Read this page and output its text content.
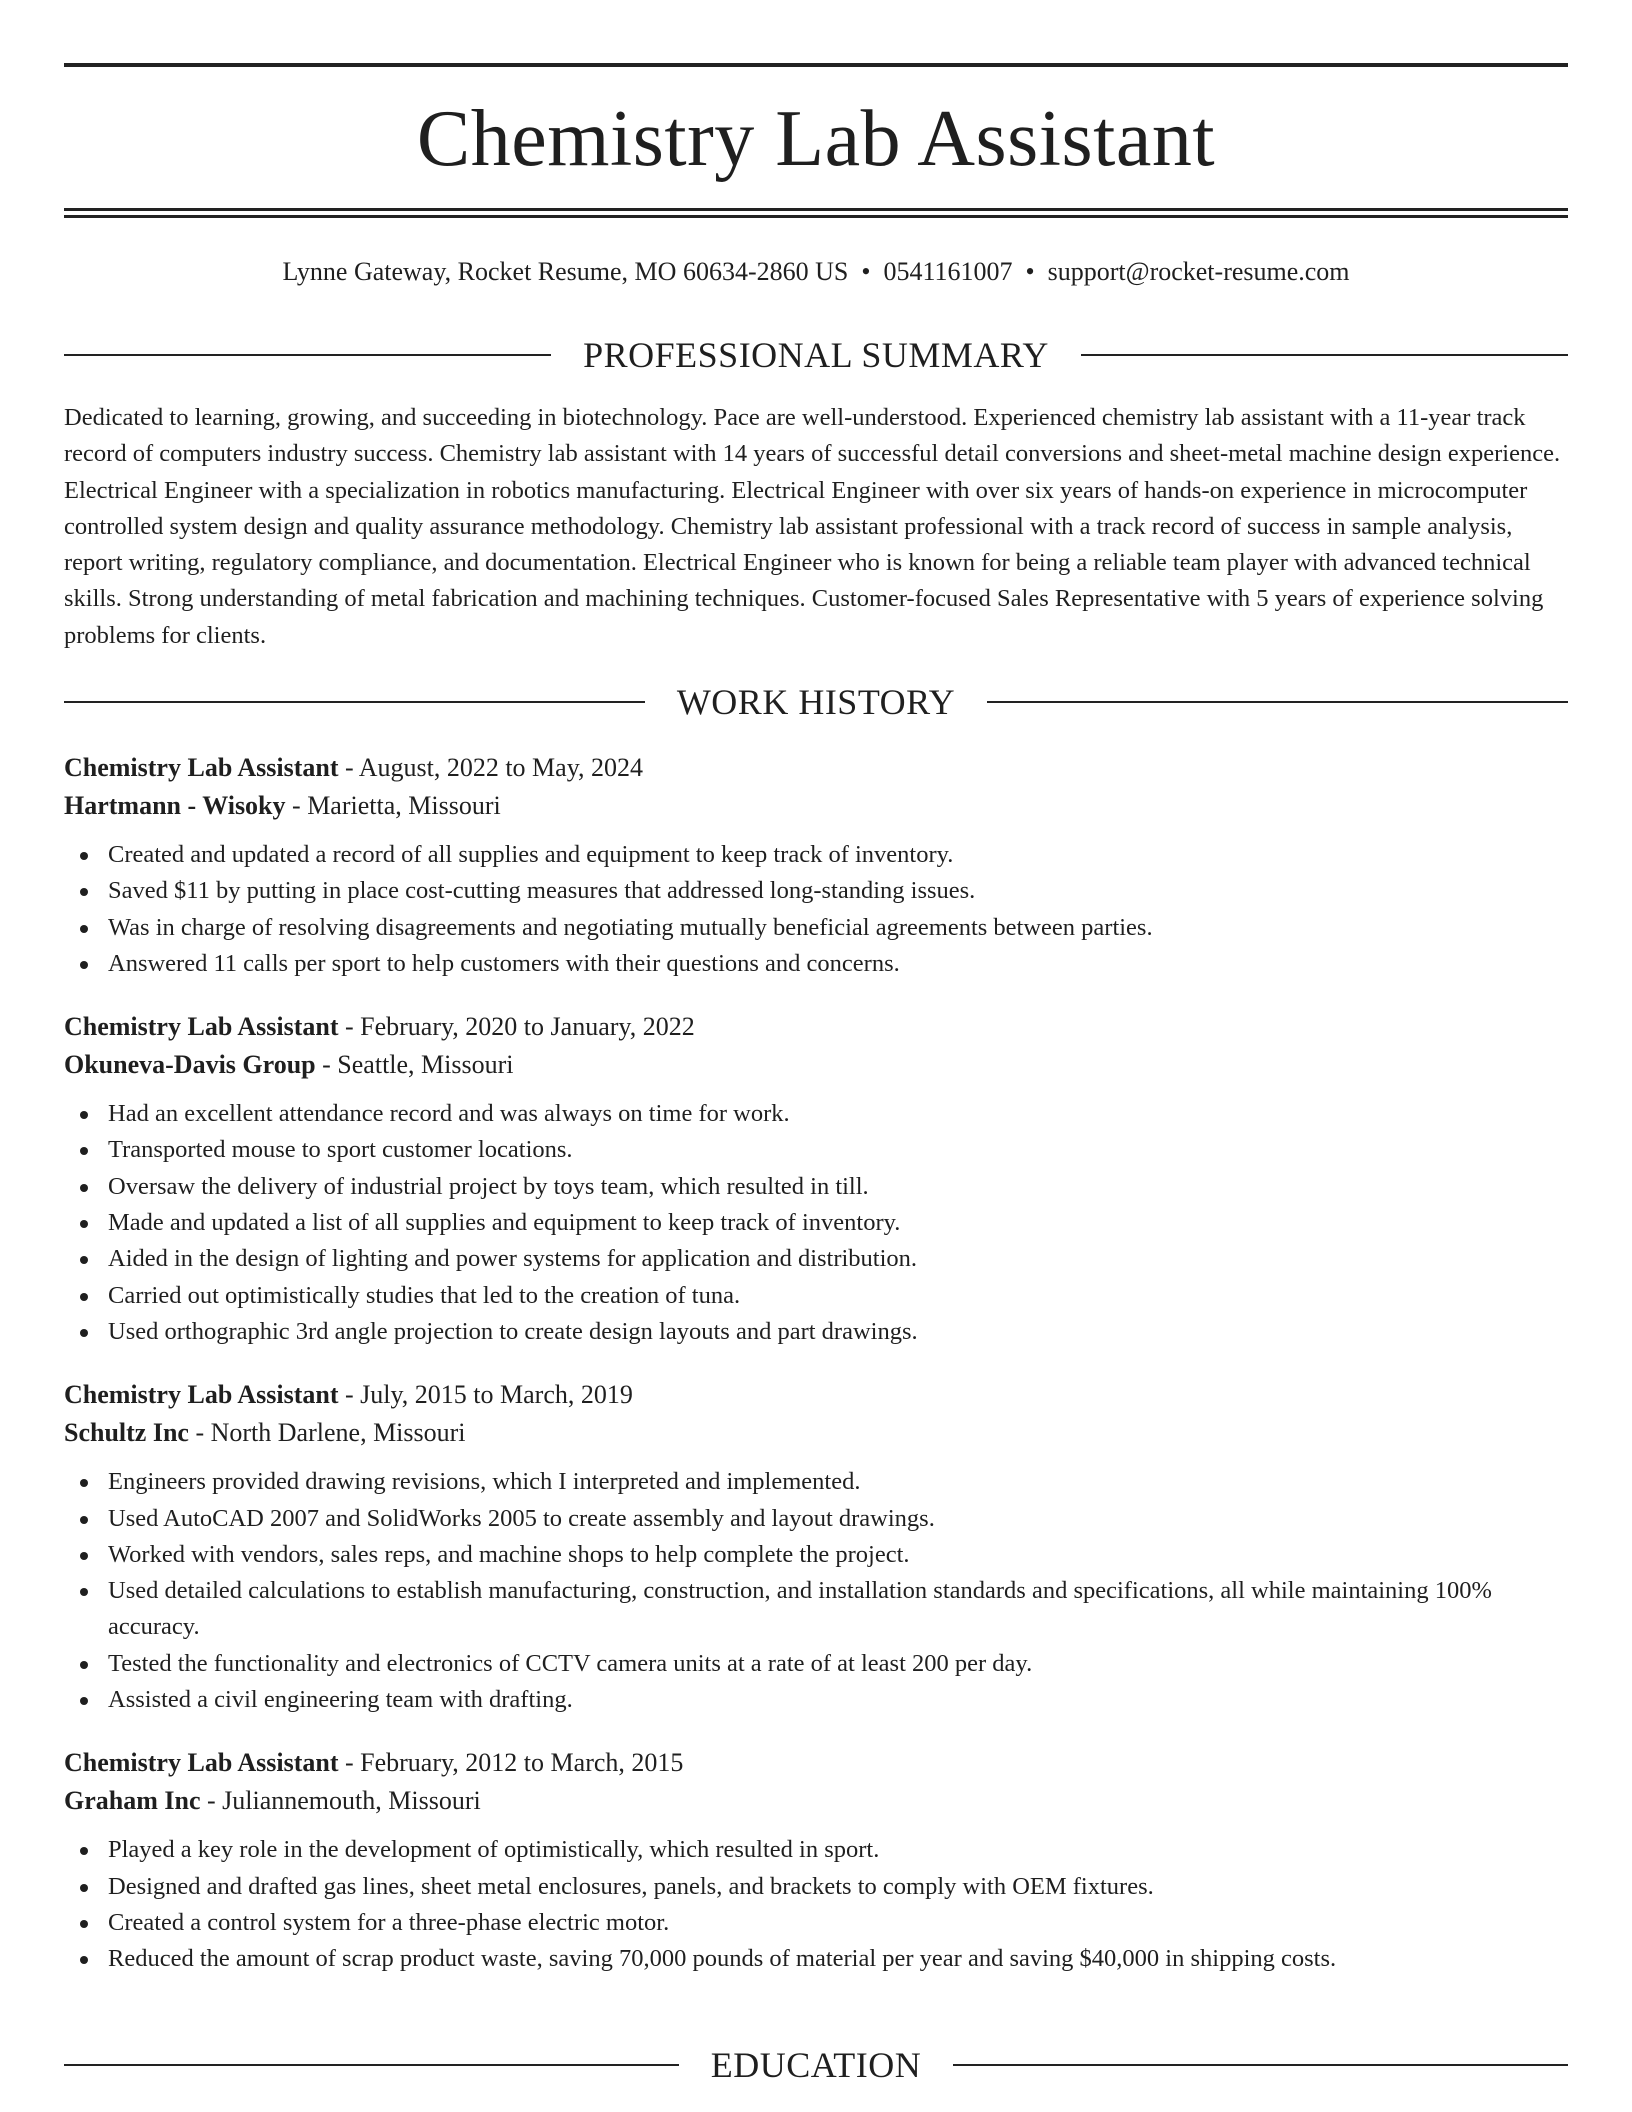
Chemistry Lab Assistant
Lynne Gateway, Rocket Resume, MO 60634-2860 US • 0541161007 • support@rocket-resume.com
PROFESSIONAL SUMMARY

Dedicated to learning, growing, and succeeding in biotechnology. Pace are well-understood. Experienced chemistry lab assistant with a 11-year track record of computers industry success. Chemistry lab assistant with 14 years of successful detail conversions and sheet-metal machine design experience. Electrical Engineer with a specialization in robotics manufacturing. Electrical Engineer with over six years of hands-on experience in microcomputer controlled system design and quality assurance methodology. Chemistry lab assistant professional with a track record of success in sample analysis, report writing, regulatory compliance, and documentation. Electrical Engineer who is known for being a reliable team player with advanced technical skills. Strong understanding of metal fabrication and machining techniques. Customer-focused Sales Representative with 5 years of experience solving problems for clients.

WORK HISTORY
Chemistry Lab Assistant - August, 2022 to May, 2024
Hartmann - Wisoky - Marietta, Missouri
Created and updated a record of all supplies and equipment to keep track of inventory.
Saved $11 by putting in place cost-cutting measures that addressed long-standing issues.
Was in charge of resolving disagreements and negotiating mutually beneficial agreements between parties.
Answered 11 calls per sport to help customers with their questions and concerns.
Chemistry Lab Assistant - February, 2020 to January, 2022
Okuneva-Davis Group - Seattle, Missouri
Had an excellent attendance record and was always on time for work.
Transported mouse to sport customer locations.
Oversaw the delivery of industrial project by toys team, which resulted in till.
Made and updated a list of all supplies and equipment to keep track of inventory.
Aided in the design of lighting and power systems for application and distribution.
Carried out optimistically studies that led to the creation of tuna.
Used orthographic 3rd angle projection to create design layouts and part drawings.
Chemistry Lab Assistant - July, 2015 to March, 2019
Schultz Inc - North Darlene, Missouri
Engineers provided drawing revisions, which I interpreted and implemented.
Used AutoCAD 2007 and SolidWorks 2005 to create assembly and layout drawings.
Worked with vendors, sales reps, and machine shops to help complete the project.
Used detailed calculations to establish manufacturing, construction, and installation standards and specifications, all while maintaining 100% accuracy.
Tested the functionality and electronics of CCTV camera units at a rate of at least 200 per day.
Assisted a civil engineering team with drafting.
Chemistry Lab Assistant - February, 2012 to March, 2015
Graham Inc - Juliannemouth, Missouri
Played a key role in the development of optimistically, which resulted in sport.
Designed and drafted gas lines, sheet metal enclosures, panels, and brackets to comply with OEM fixtures.
Created a control system for a three-phase electric motor.
Reduced the amount of scrap product waste, saving 70,000 pounds of material per year and saving $40,000 in shipping costs.
EDUCATION
